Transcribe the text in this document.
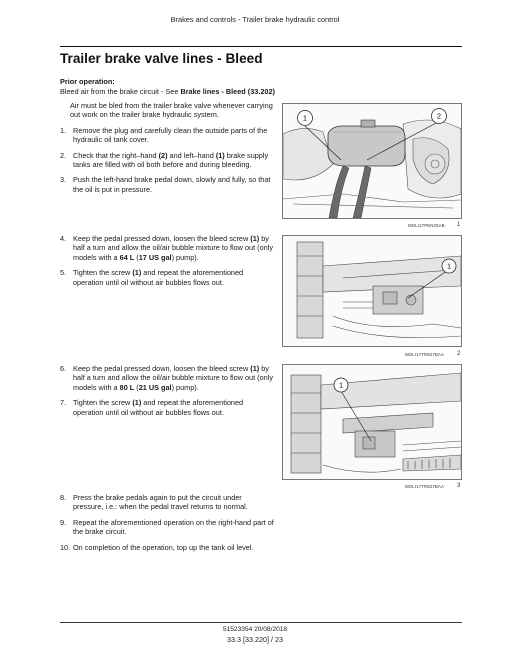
Brakes and controls - Trailer brake hydraulic control
Trailer brake valve lines - Bleed
Prior operation:
Bleed air from the brake circuit - See Brake lines - Bleed (33.202)
Air must be bled from the trailer brake valve whenever carrying out work on the trailer brake hydraulic system.
1. Remove the plug and carefully clean the outside parts of the hydraulic oil tank cover.
2. Check that the right–hand (2) and left–hand (1) brake supply tanks are filled with oil both before and during bleeding.
3. Push the left-hand brake pedal down, slowly and fully, so that the oil is put in pressure.
4. Keep the pedal pressed down, loosen the bleed screw (1) by half a turn and allow the oil/air bubble mixture to flow out (only models with a 64 L (17 US gal) pump).
5. Tighten the screw (1) and repeat the aforementioned operation until oil without air bubbles flows out.
6. Keep the pedal pressed down, loosen the bleed screw (1) by half a turn and allow the oil/air bubble mixture to flow out (only models with a 80 L (21 US gal) pump).
7. Tighten the screw (1) and repeat the aforementioned operation until oil without air bubbles flows out.
8. Press the brake pedals again to put the circuit under pressure, i.e.: when the pedal travel returns to normal.
9. Repeat the aforementioned operation on the right-hand part of the brake circuit.
10. On completion of the operation, top up the tank oil level.
1	2
MOLI17PEN25AB 1
1
MOLI17TR827BAA 2
1
MOLI17TR827BAA 3
51523354 20/08/2018
33.3 [33.220] / 23
